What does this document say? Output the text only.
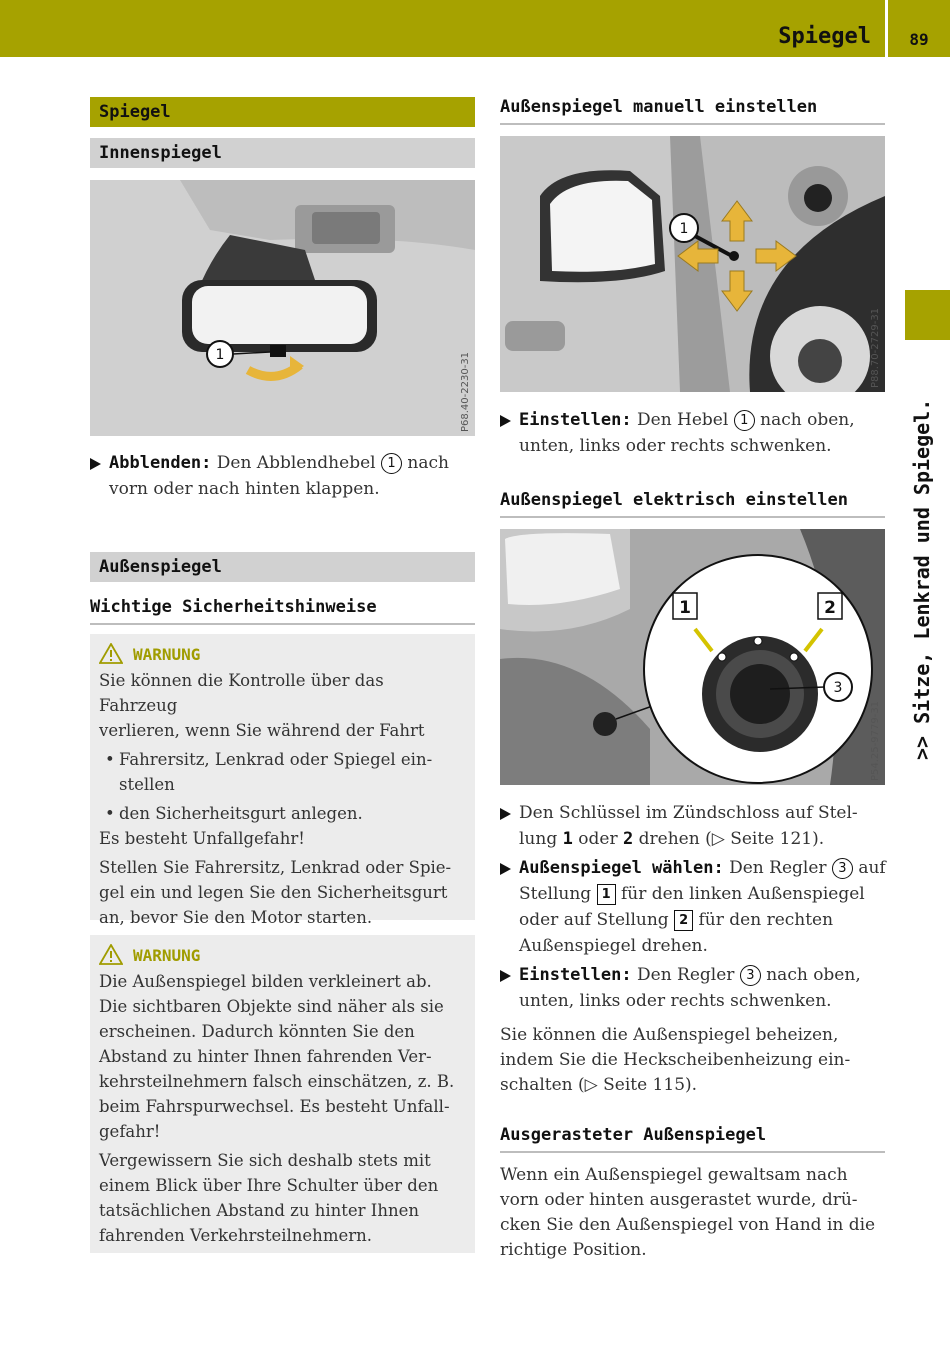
Spiegel	89
>> Sitze, Lenkrad und Spiegel.
Spiegel
Innenspiegel
1	P68.40-2230-31
Abblenden: Den Abblendhebel 1 nach
vorn oder nach hinten klappen.
Außenspiegel
Wichtige Sicherheitshinweise
WARNUNG

Sie können die Kontrolle über das Fahrzeug
verlieren, wenn Sie während der Fahrt

• Fahrersitz, Lenkrad oder Spiegel ein-
stellen
• den Sicherheitsgurt anlegen.

Es besteht Unfallgefahr!

Stellen Sie Fahrersitz, Lenkrad oder Spie-
gel ein und legen Sie den Sicherheitsgurt
an, bevor Sie den Motor starten.

WARNUNG

Die Außenspiegel bilden verkleinert ab.
Die sichtbaren Objekte sind näher als sie
erscheinen. Dadurch könnten Sie den
Abstand zu hinter Ihnen fahrenden Ver-
kehrsteilnehmern falsch einschätzen, z. B.
beim Fahrspurwechsel. Es besteht Unfall-
gefahr!

Vergewissern Sie sich deshalb stets mit
einem Blick über Ihre Schulter über den
tatsächlichen Abstand zu hinter Ihnen
fahrenden Verkehrsteilnehmern.

Außenspiegel manuell einstellen
1
P88.70-2729-31
Einstellen: Den Hebel 1 nach oben,
unten, links oder rechts schwenken.
Außenspiegel elektrisch einstellen
1	2
3
P54.25-9779-31
Den Schlüssel im Zündschloss auf Stel-
lung 1 oder 2 drehen (▷ Seite 121).
Außenspiegel wählen: Den Regler 3 auf
Stellung 1 für den linken Außenspiegel
oder auf Stellung 2 für den rechten
Außenspiegel drehen.
Einstellen: Den Regler 3 nach oben,
unten, links oder rechts schwenken.
Sie können die Außenspiegel beheizen,
indem Sie die Heckscheibenheizung ein-
schalten (▷ Seite 115).
Ausgerasteter Außenspiegel
Wenn ein Außenspiegel gewaltsam nach
vorn oder hinten ausgerastet wurde, drü-
cken Sie den Außenspiegel von Hand in die
richtige Position.
